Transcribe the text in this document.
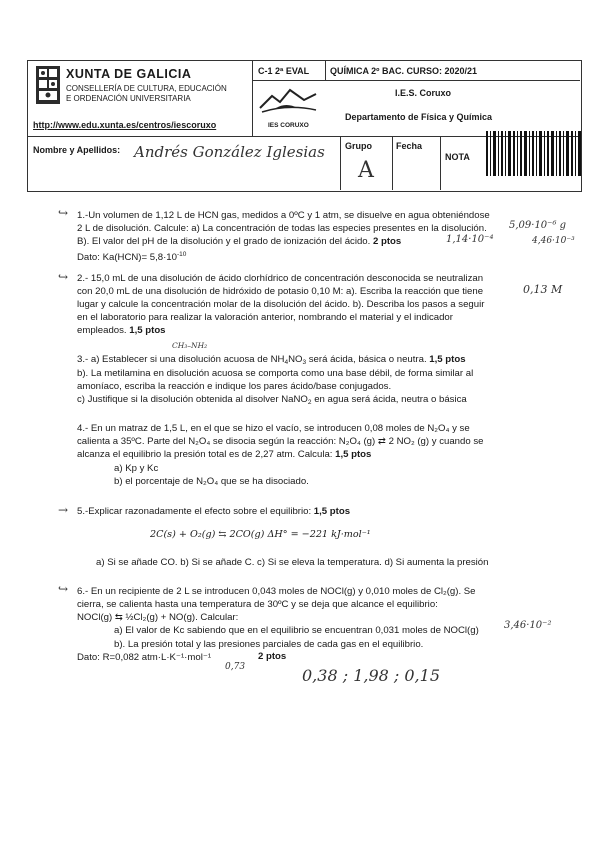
XUNTA DE GALICIA
CONSELLERÍA DE CULTURA, EDUCACIÓN
E ORDENACIÓN UNIVERSITARIA
http://www.edu.xunta.es/centros/iescoruxo
C-1 2ª EVAL QUÍMICA 2º BAC. CURSO: 2020/21
I.E.S. Coruxo
IES CORUXO
Departamento de Física y Química
Nombre y Apellidos: Andrés González Iglesias Grupo
A
Fecha
NOTA
↪ 1.-Un volumen de 1,12 L de HCN gas, medidos a 0ºC y 1 atm, se disuelve en agua obteniéndose
2 L de disolución. Calcule: a) La concentración de todas las especies presentes en la disolución.
B). El valor del pH de la disolución y el grado de ionización del ácido. 2 ptos
Dato: $Ka(HCN)= 5,8\cdot 10^{-10}$
5,09·10⁻⁶ g
4,46·10⁻³
1,14·10⁻⁴
↪ 2.- 15,0 mL de una disolución de ácido clorhídrico de concentración desconocida se neutralizan
con 20,0 mL de una disolución de hidróxido de potasio 0,10 M: a). Escriba la reacción que tiene
lugar y calcule la concentración molar de la disolución del ácido. b). Describa los pasos a seguir
en el laboratorio para realizar la valoración anterior, nombrando el material y el indicador
empleados. 1,5 ptos
0,13 M
CH₃–NH₂
3.- a) Establecer si una disolución acuosa de $NH_4NO_3$ será ácida, básica o neutra. 1,5 ptos
b). La metilamina en disolución acuosa se comporta como una base débil, de forma similar al
amoníaco, escriba la reacción e indique los pares ácido/base conjugados.
c) Justifique si la disolución obtenida al disolver NaNO$_2$ en agua será ácida, neutra o básica
4.- En un matraz de 1,5 L, en el que se hizo el vacío, se introducen 0,08 moles de N₂O₄ y se
calienta a 35ºC. Parte del N₂O₄ se disocia según la reacción: N₂O₄ (g) ⇄ 2 NO₂ (g) y cuando se
alcanza el equilibrio la presión total es de 2,27 atm. Calcula: 1,5 ptos
a) Kp y Kc
b) el porcentaje de N₂O₄ que se ha disociado.
→ 5.-Explicar razonadamente el efecto sobre el equilibrio: 1,5 ptos
2C(s) + O₂(g) ⇆ 2CO(g) ΔH° = −221 kJ·mol⁻¹
a) Si se añade CO. b) Si se añade C. c) Si se eleva la temperatura. d) Si aumenta la presión
↪ 6.- En un recipiente de 2 L se introducen 0,043 moles de NOCl(g) y 0,010 moles de Cl₂(g). Se
cierra, se calienta hasta una temperatura de 30ºC y se deja que alcance el equilibrio:
NOCl(g) ⇆ ½Cl₂(g) + NO(g). Calcular:
a) El valor de Kc sabiendo que en el equilibrio se encuentran 0,031 moles de NOCl(g)
b). La presión total y las presiones parciales de cada gas en el equilibrio.
Dato: R=0,082 atm·L·K⁻¹·mol⁻¹	2 ptos
3,46·10⁻²
0,73	0,38 ; 1,98 ; 0,15
